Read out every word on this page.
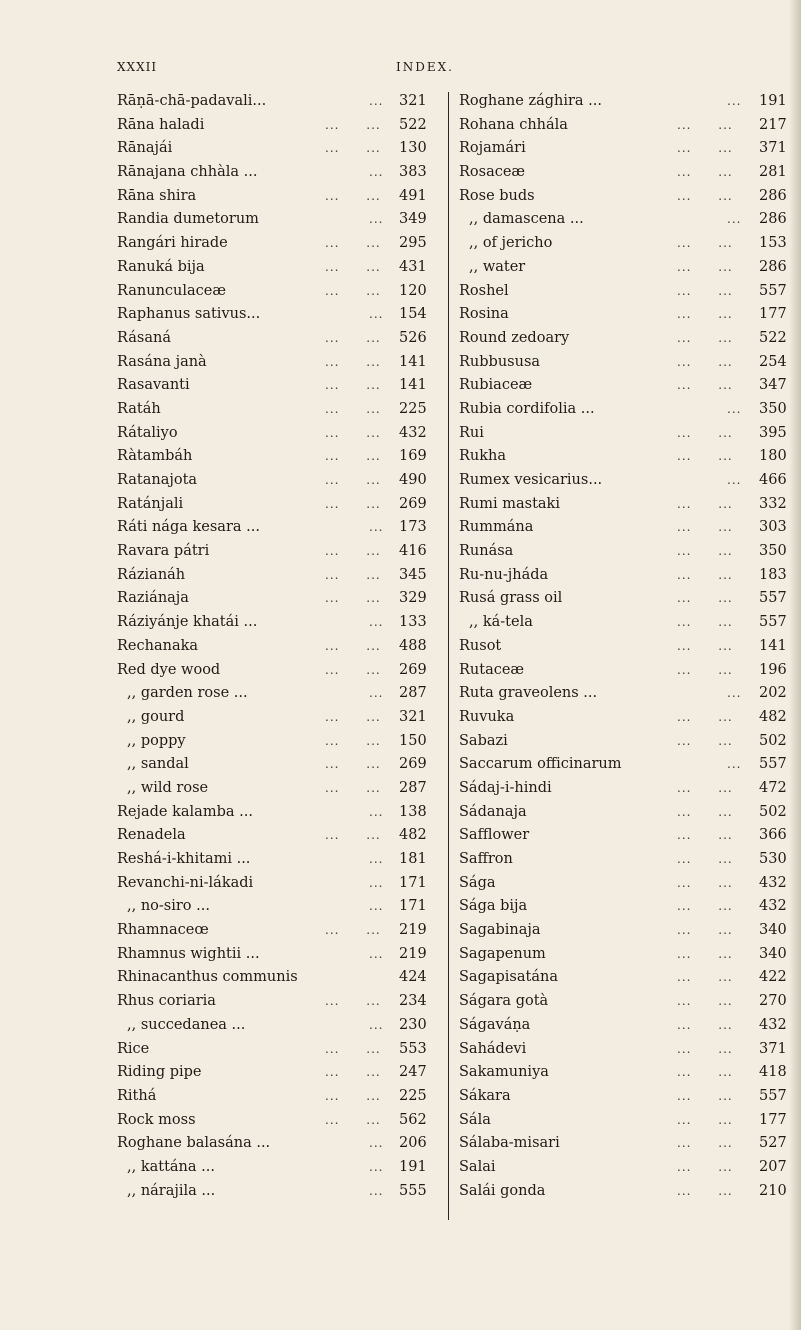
XXXII	INDEX.
Rāṇā-chā-padavali...	... 321
Rāna haladi	... ... 522
Rānajái	... ... 130
Rānajana chhàla ...	... 383
Rāna shira	... ... 491
Randia dumetorum	... 349
Rangári hirade	... ... 295
Ranuká bija	... ... 431
Ranunculaceæ	... ... 120
Raphanus sativus...	... 154
Rásaná	... ... 526
Rasána janà	... ... 141
Rasavanti	... ... 141
Ratáh	... ... 225
Rátaliyo	... ... 432
Ràtambáh	... ... 169
Ratanajota	... ... 490
Ratánjali	... ... 269
Ráti nága kesara ...	... 173
Ravara pátri	... ... 416
Rázianáh	... ... 345
Raziánaja	... ... 329
Ráziyánje khatái ...	... 133
Rechanaka	... ... 488
Red dye wood	... ... 269
,, garden rose ...	... 287
,, gourd	... ... 321
,, poppy	... ... 150
,, sandal	... ... 269
,, wild rose	... ... 287
Rejade kalamba ...	... 138
Renadela	... ... 482
Reshá-i-khitami ...	... 181
Revanchi-ni-lákadi	... 171
,, no-siro ...	... 171
Rhamnaceœ	... ... 219
Rhamnus wightii ...	... 219
Rhinacanthus communis	424
Rhus coriaria	... ... 234
,, succedanea ...	... 230
Rice	... ... 553
Riding pipe	... ... 247
Rithá	... ... 225
Rock moss	... ... 562
Roghane balasána ...	... 206
,, kattána ...	... 191
,, nárajila ...	... 555
Roghane zághira ...	... 191
Rohana chhála	... ... 217
Rojamári	... ... 371
Rosaceæ	... ... 281
Rose buds	... ... 286
,, damascena ...	... 286
,, of jericho	... ... 153
,, water	... ... 286
Roshel	... ... 557
Rosina	... ... 177
Round zedoary	... ... 522
Rubbususa	... ... 254
Rubiaceæ	... ... 347
Rubia cordifolia ...	... 350
Rui	... ... 395
Rukha	... ... 180
Rumex vesicarius...	... 466
Rumi mastaki	... ... 332
Rummána	... ... 303
Runása	... ... 350
Ru-nu-jháda	... ... 183
Rusá grass oil	... ... 557
,, ká-tela	... ... 557
Rusot	... ... 141
Rutaceæ	... ... 196
Ruta graveolens ...	... 202
Ruvuka	... ... 482
Sabazi	... ... 502
Saccarum officinarum	... 557
Sádaj-i-hindi	... ... 472
Sádanaja	... ... 502
Safflower	... ... 366
Saffron	... ... 530
Sága	... ... 432
Sága bija	... ... 432
Sagabinaja	... ... 340
Sagapenum	... ... 340
Sagapisatána	... ... 422
Ságara gotà	... ... 270
Ságaváṇa	... ... 432
Sahádevi	... ... 371
Sakamuniya	... ... 418
Sákara	... ... 557
Sála	... ... 177
Sálaba-misari	... ... 527
Salai	... ... 207
Salái gonda	... ... 210
